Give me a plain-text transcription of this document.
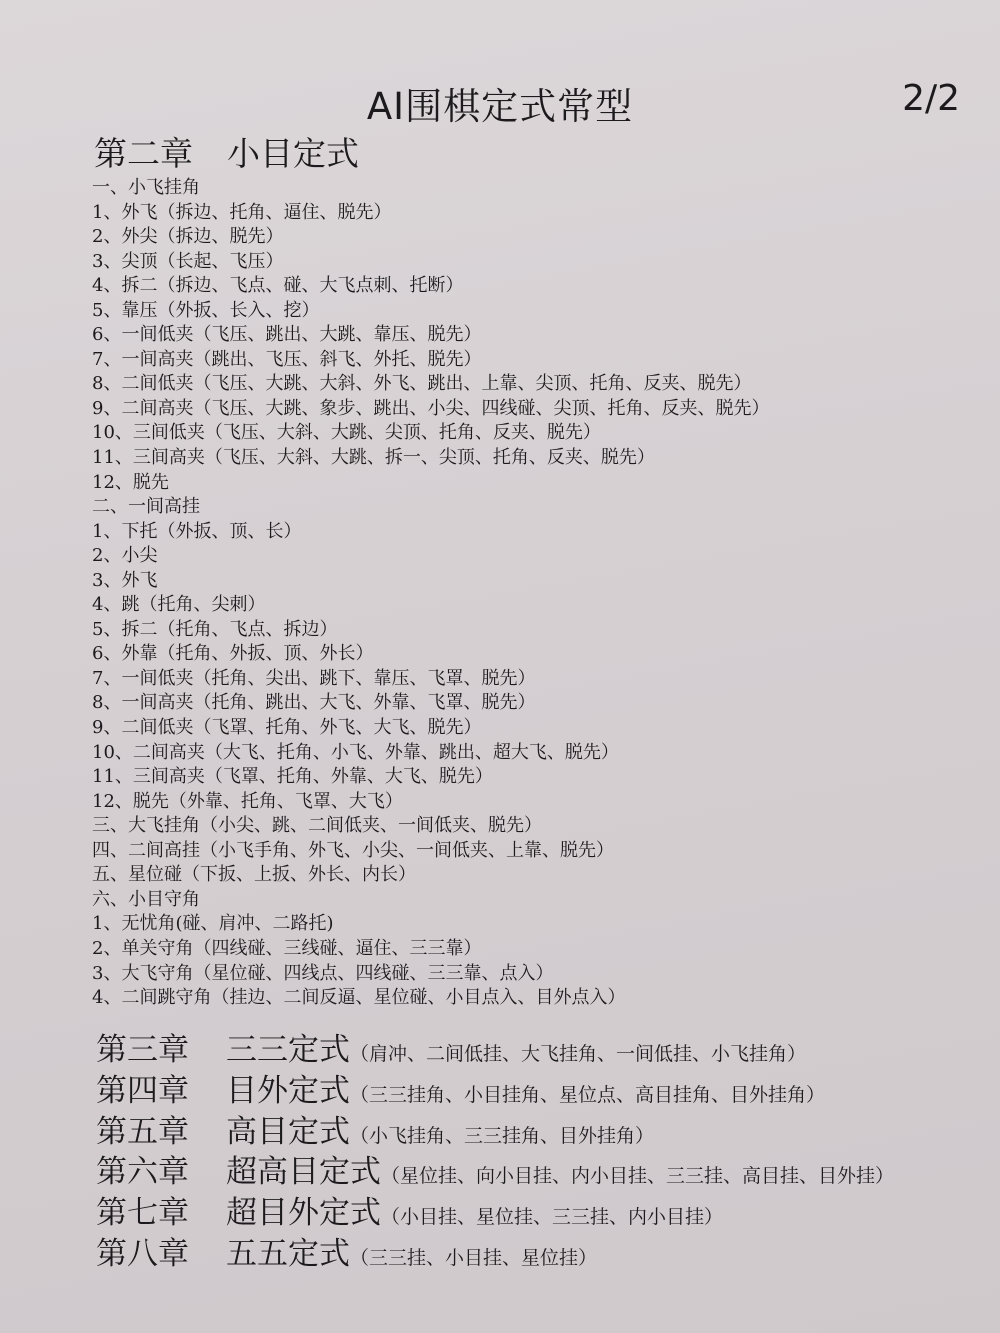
AI围棋定式常型	2/2
第二章 小目定式
一、小飞挂角
1、外飞（拆边、托角、逼住、脱先）
2、外尖（拆边、脱先）
3、尖顶（长起、飞压）
4、拆二（拆边、飞点、碰、大飞点刺、托断）
5、靠压（外扳、长入、挖）
6、一间低夹（飞压、跳出、大跳、靠压、脱先）
7、一间高夹（跳出、飞压、斜飞、外托、脱先）
8、二间低夹（飞压、大跳、大斜、外飞、跳出、上靠、尖顶、托角、反夹、脱先）
9、二间高夹（飞压、大跳、象步、跳出、小尖、四线碰、尖顶、托角、反夹、脱先）
10、三间低夹（飞压、大斜、大跳、尖顶、托角、反夹、脱先）
11、三间高夹（飞压、大斜、大跳、拆一、尖顶、托角、反夹、脱先）
12、脱先
二、一间高挂
1、下托（外扳、顶、长）
2、小尖
3、外飞
4、跳（托角、尖刺）
5、拆二（托角、飞点、拆边）
6、外靠（托角、外扳、顶、外长）
7、一间低夹（托角、尖出、跳下、靠压、飞罩、脱先）
8、一间高夹（托角、跳出、大飞、外靠、飞罩、脱先）
9、二间低夹（飞罩、托角、外飞、大飞、脱先）
10、二间高夹（大飞、托角、小飞、外靠、跳出、超大飞、脱先）
11、三间高夹（飞罩、托角、外靠、大飞、脱先）
12、脱先（外靠、托角、飞罩、大飞）
三、大飞挂角（小尖、跳、二间低夹、一间低夹、脱先）
四、二间高挂（小飞手角、外飞、小尖、一间低夹、上靠、脱先）
五、星位碰（下扳、上扳、外长、内长）
六、小目守角
1、无忧角(碰、肩冲、二路托)
2、单关守角（四线碰、三线碰、逼住、三三靠）
3、大飞守角（星位碰、四线点、四线碰、三三靠、点入）
4、二间跳守角（挂边、二间反逼、星位碰、小目点入、目外点入）
第三章 三三定式（肩冲、二间低挂、大飞挂角、一间低挂、小飞挂角）
第四章 目外定式（三三挂角、小目挂角、星位点、高目挂角、目外挂角）
第五章 高目定式（小飞挂角、三三挂角、目外挂角）
第六章 超高目定式（星位挂、向小目挂、内小目挂、三三挂、高目挂、目外挂）
第七章 超目外定式（小目挂、星位挂、三三挂、内小目挂）
第八章 五五定式（三三挂、小目挂、星位挂）
